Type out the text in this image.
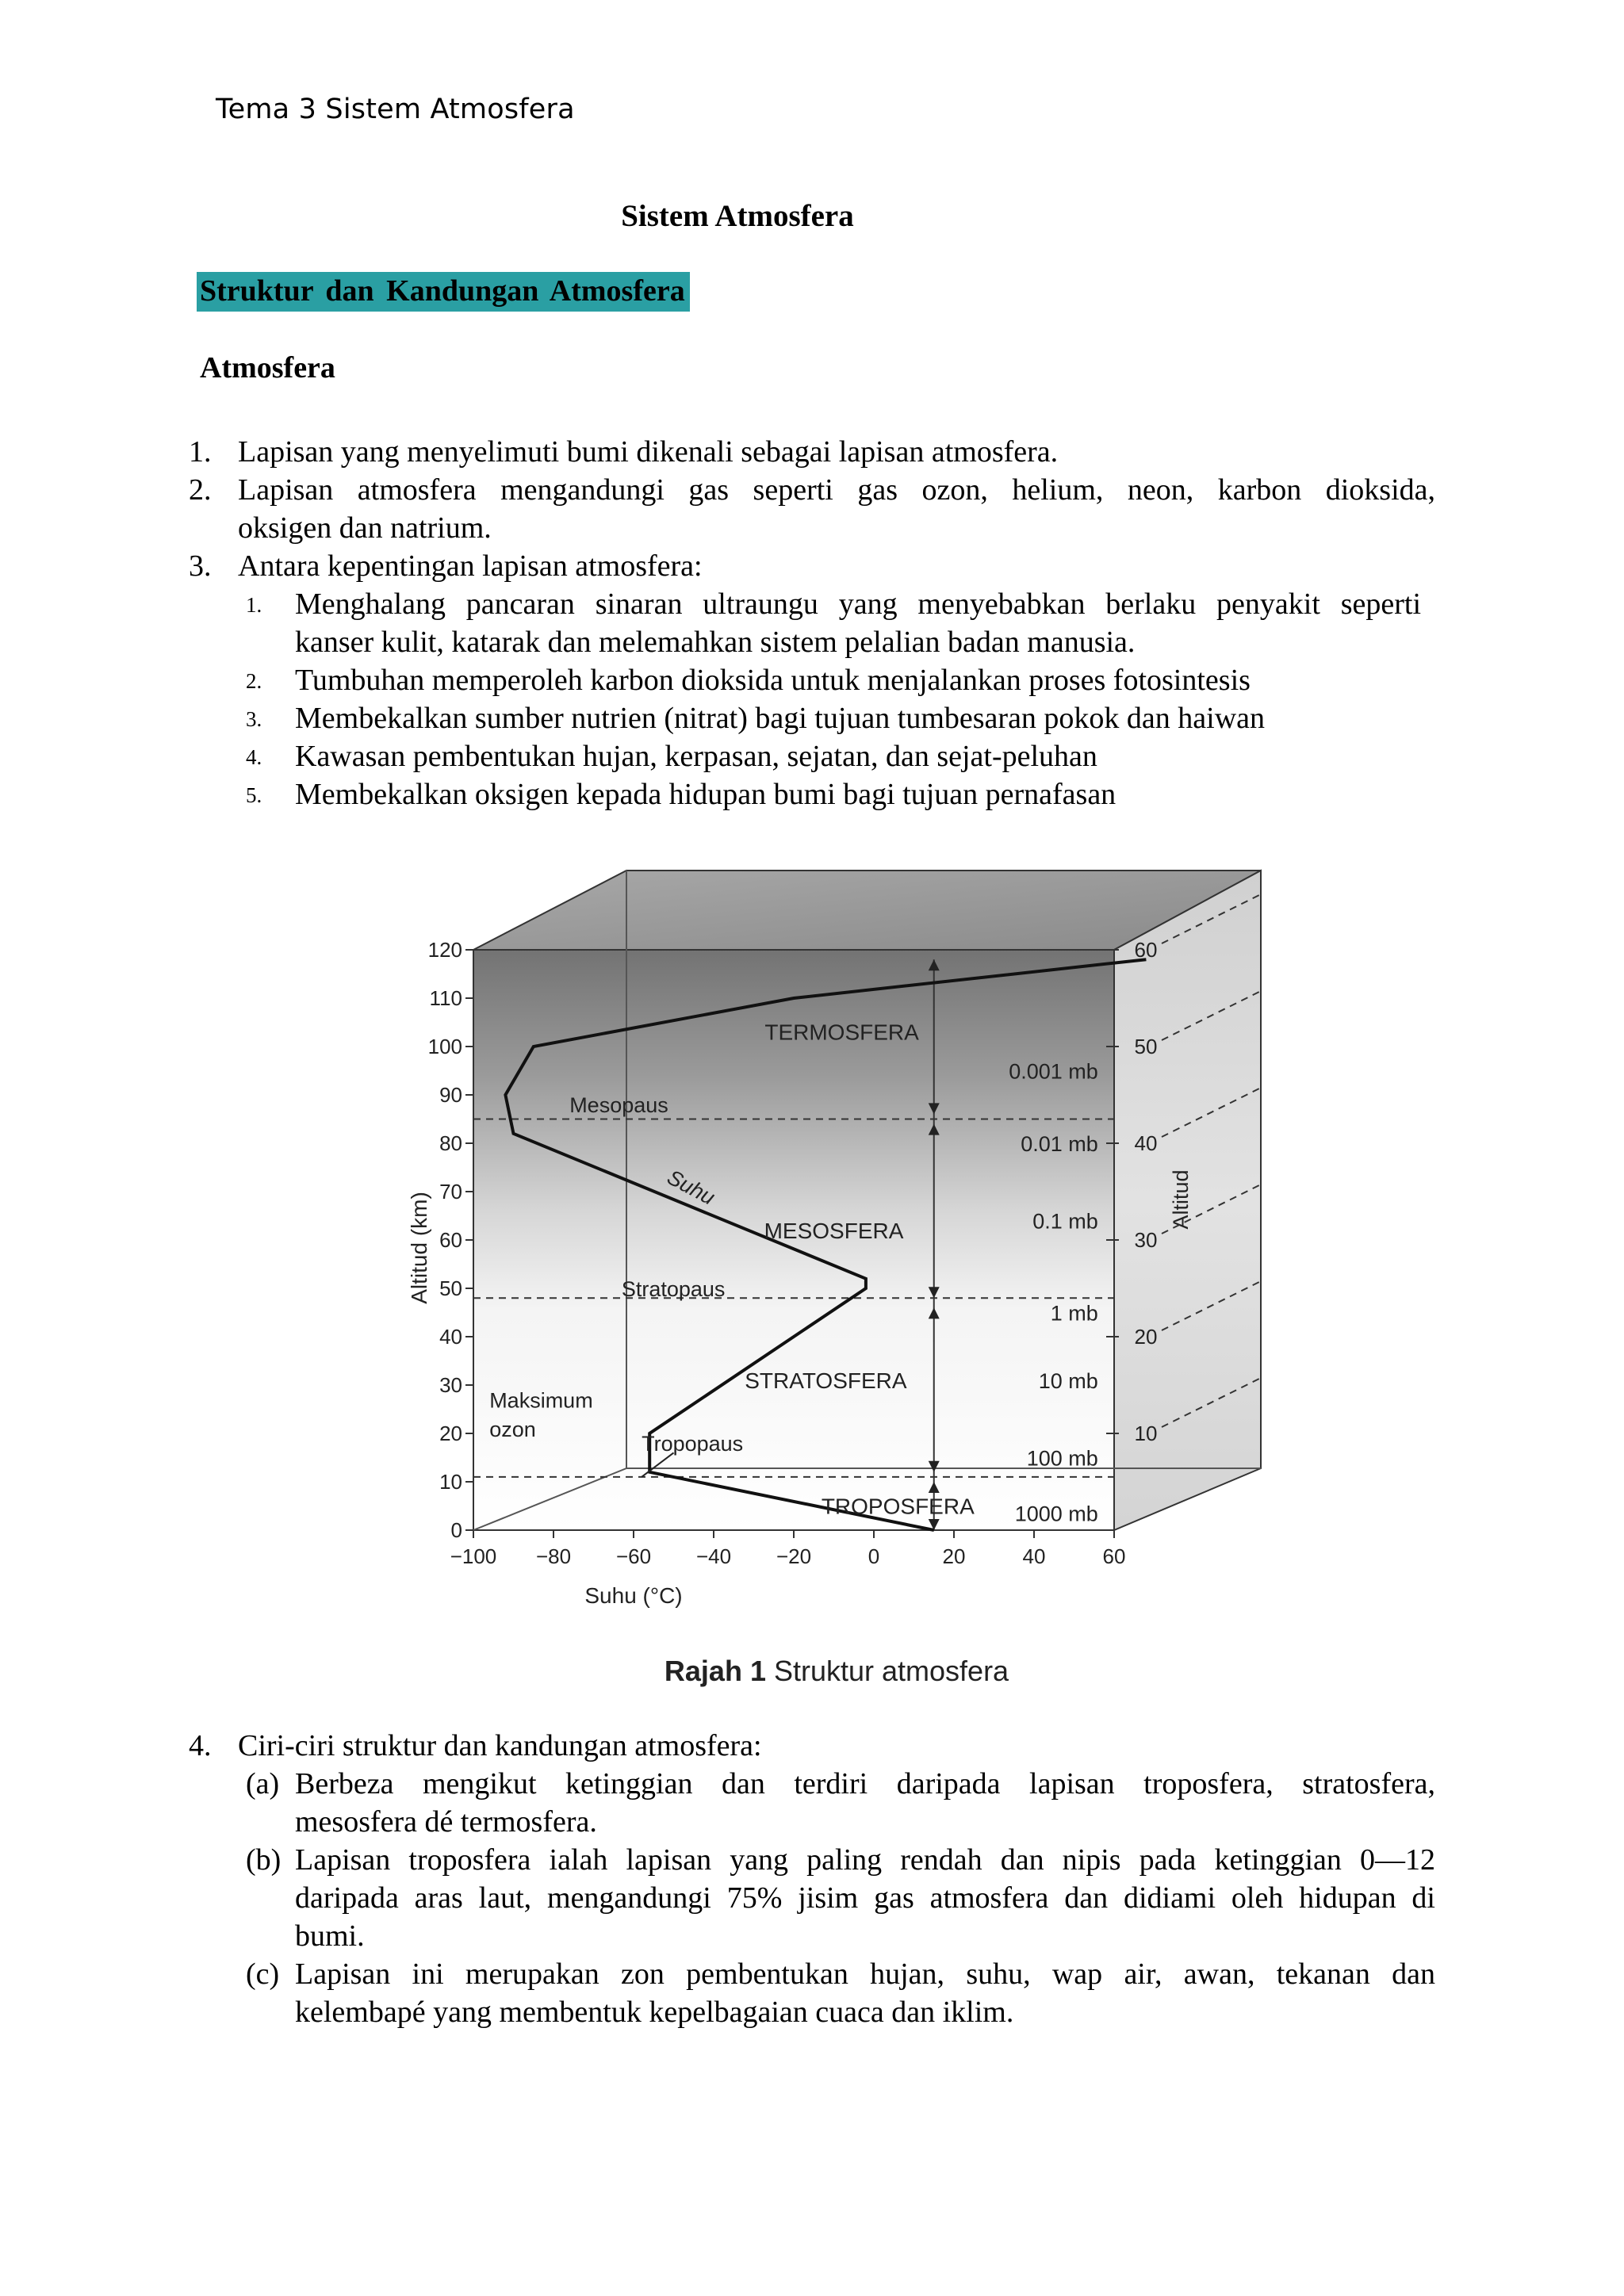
Tema 3 Sistem Atmosfera
Sistem Atmosfera
Struktur dan Kandungan Atmosfera
Atmosfera
1. Lapisan yang menyelimuti bumi dikenali sebagai lapisan atmosfera.
2. Lapisan atmosfera mengandungi gas seperti gas ozon, helium, neon, karbon dioksida,
oksigen dan natrium.
3. Antara kepentingan lapisan atmosfera:
1. Menghalang pancaran sinaran ultraungu yang menyebabkan berlaku penyakit seperti
kanser kulit, katarak dan melemahkan sistem pelalian badan manusia.
2. Tumbuhan memperoleh karbon dioksida untuk menjalankan proses fotosintesis
3. Membekalkan sumber nutrien (nitrat) bagi tujuan tumbesaran pokok dan haiwan
4. Kawasan pembentukan hujan, kerpasan, sejatan, dan sejat-peluhan
5. Membekalkan oksigen kepada hidupan bumi bagi tujuan pernafasan
0
10
20
30
40
50
60
70
80
90
100
110
120
−100 −80 −60 −40 −20	0	20	40	60
Altitud (km)
Suhu (°C)
10
20
30
40
50
60
Altitud
TERMOSFERA
MESOSFERA
STRATOSFERA
TROPOSFERA
Mesopaus
Stratopaus
Tropopaus
Suhu
Maksimum
ozon
0.001 mb
0.01 mb
0.1 mb
1 mb
10 mb
100 mb
1000 mb
Rajah 1 Struktur atmosfera
4. Ciri-ciri struktur dan kandungan atmosfera:
(a) Berbeza mengikut ketinggian dan terdiri daripada lapisan troposfera, stratosfera,
mesosfera dé termosfera.
(b) Lapisan troposfera ialah lapisan yang paling rendah dan nipis pada ketinggian 0—12
daripada aras laut, mengandungi 75% jisim gas atmosfera dan didiami oleh hidupan di
bumi.
(c) Lapisan ini merupakan zon pembentukan hujan, suhu, wap air, awan, tekanan dan
kelembapé yang membentuk kepelbagaian cuaca dan iklim.
